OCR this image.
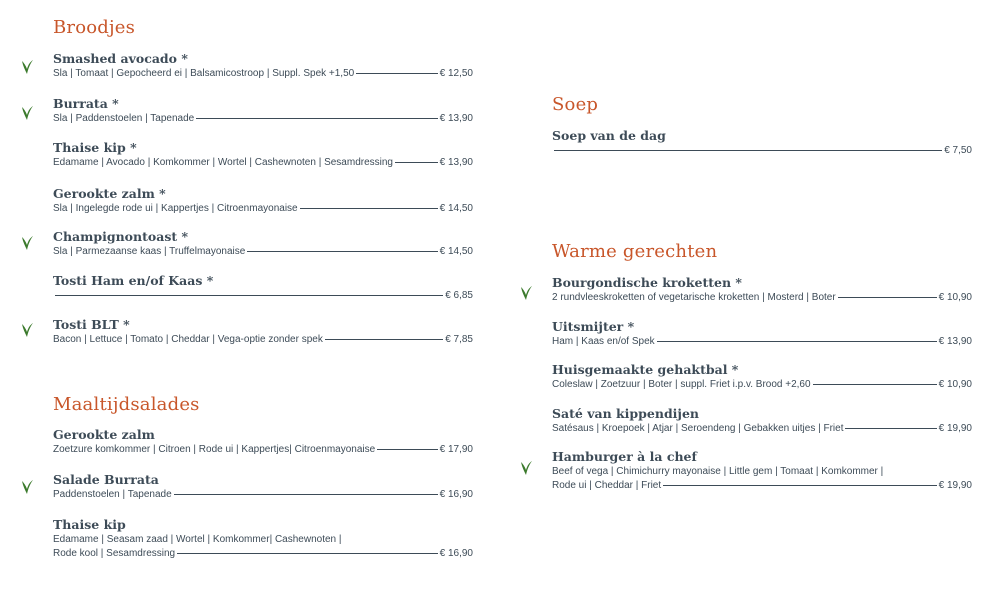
Broodjes
Smashed avocado *
Sla | Tomaat | Gepocheerd ei | Balsamicostroop | Suppl. Spek +1,50	€ 12,50
Burrata *
Sla | Paddenstoelen | Tapenade	€ 13,90
Thaise kip *
Edamame | Avocado | Komkommer | Wortel | Cashewnoten | Sesamdressing	€ 13,90
Gerookte zalm *
Sla | Ingelegde rode ui | Kappertjes | Citroenmayonaise	€ 14,50
Champignontoast *
Sla | Parmezaanse kaas | Truffelmayonaise	€ 14,50
Tosti Ham en/of Kaas *
€ 6,85
Tosti BLT *
Bacon | Lettuce | Tomato | Cheddar | Vega-optie zonder spek	€ 7,85
Maaltijdsalades
Gerookte zalm
Zoetzure komkommer | Citroen | Rode ui | Kappertjes| Citroenmayonaise	€ 17,90
Salade Burrata
Paddenstoelen | Tapenade	€ 16,90
Thaise kip
Edamame | Seasam zaad | Wortel | Komkommer| Cashewnoten |
Rode kool | Sesamdressing	€ 16,90
Soep
Soep van de dag
€ 7,50
Warme gerechten
Bourgondische kroketten *
2 rundvleeskroketten of vegetarische kroketten | Mosterd | Boter	€ 10,90
Uitsmijter *
Ham | Kaas en/of Spek	€ 13,90
Huisgemaakte gehaktbal *
Coleslaw | Zoetzuur | Boter | suppl. Friet i.p.v. Brood +2,60	€ 10,90
Saté van kippendijen
Satésaus | Kroepoek | Atjar | Seroendeng | Gebakken uitjes | Friet	€ 19,90
Hamburger à la chef
Beef of vega | Chimichurry mayonaise | Little gem | Tomaat | Komkommer |
Rode ui | Cheddar | Friet	€ 19,90
